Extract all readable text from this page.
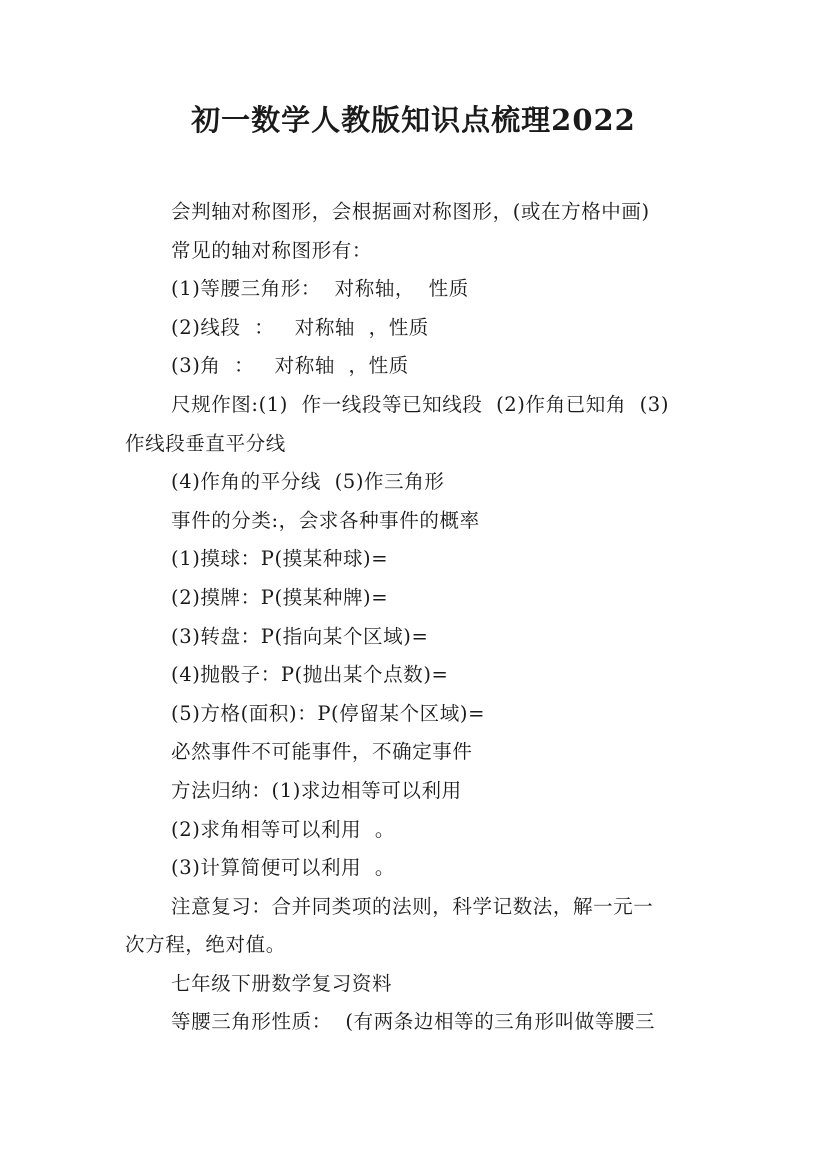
初一数学人教版知识点梳理2022
会判轴对称图形，会根据画对称图形，(或在方格中画)
常见的轴对称图形有：
(1)等腰三角形：  对称轴，  性质
(2)线段  ：   对称轴  ，性质
(3)角  ：   对称轴  ，性质
尺规作图:(1)  作一线段等已知线段  (2)作角已知角  (3)
作线段垂直平分线
(4)作角的平分线  (5)作三角形
事件的分类:，会求各种事件的概率
(1)摸球：P(摸某种球)=
(2)摸牌：P(摸某种牌)=
(3)转盘：P(指向某个区域)=
(4)抛骰子：P(抛出某个点数)=
(5)方格(面积)：P(停留某个区域)=
必然事件不可能事件，不确定事件
方法归纳：(1)求边相等可以利用
(2)求角相等可以利用  。
(3)计算简便可以利用  。
注意复习：合并同类项的法则，科学记数法，解一元一
次方程，绝对值。
七年级下册数学复习资料
等腰三角形性质：  (有两条边相等的三角形叫做等腰三
